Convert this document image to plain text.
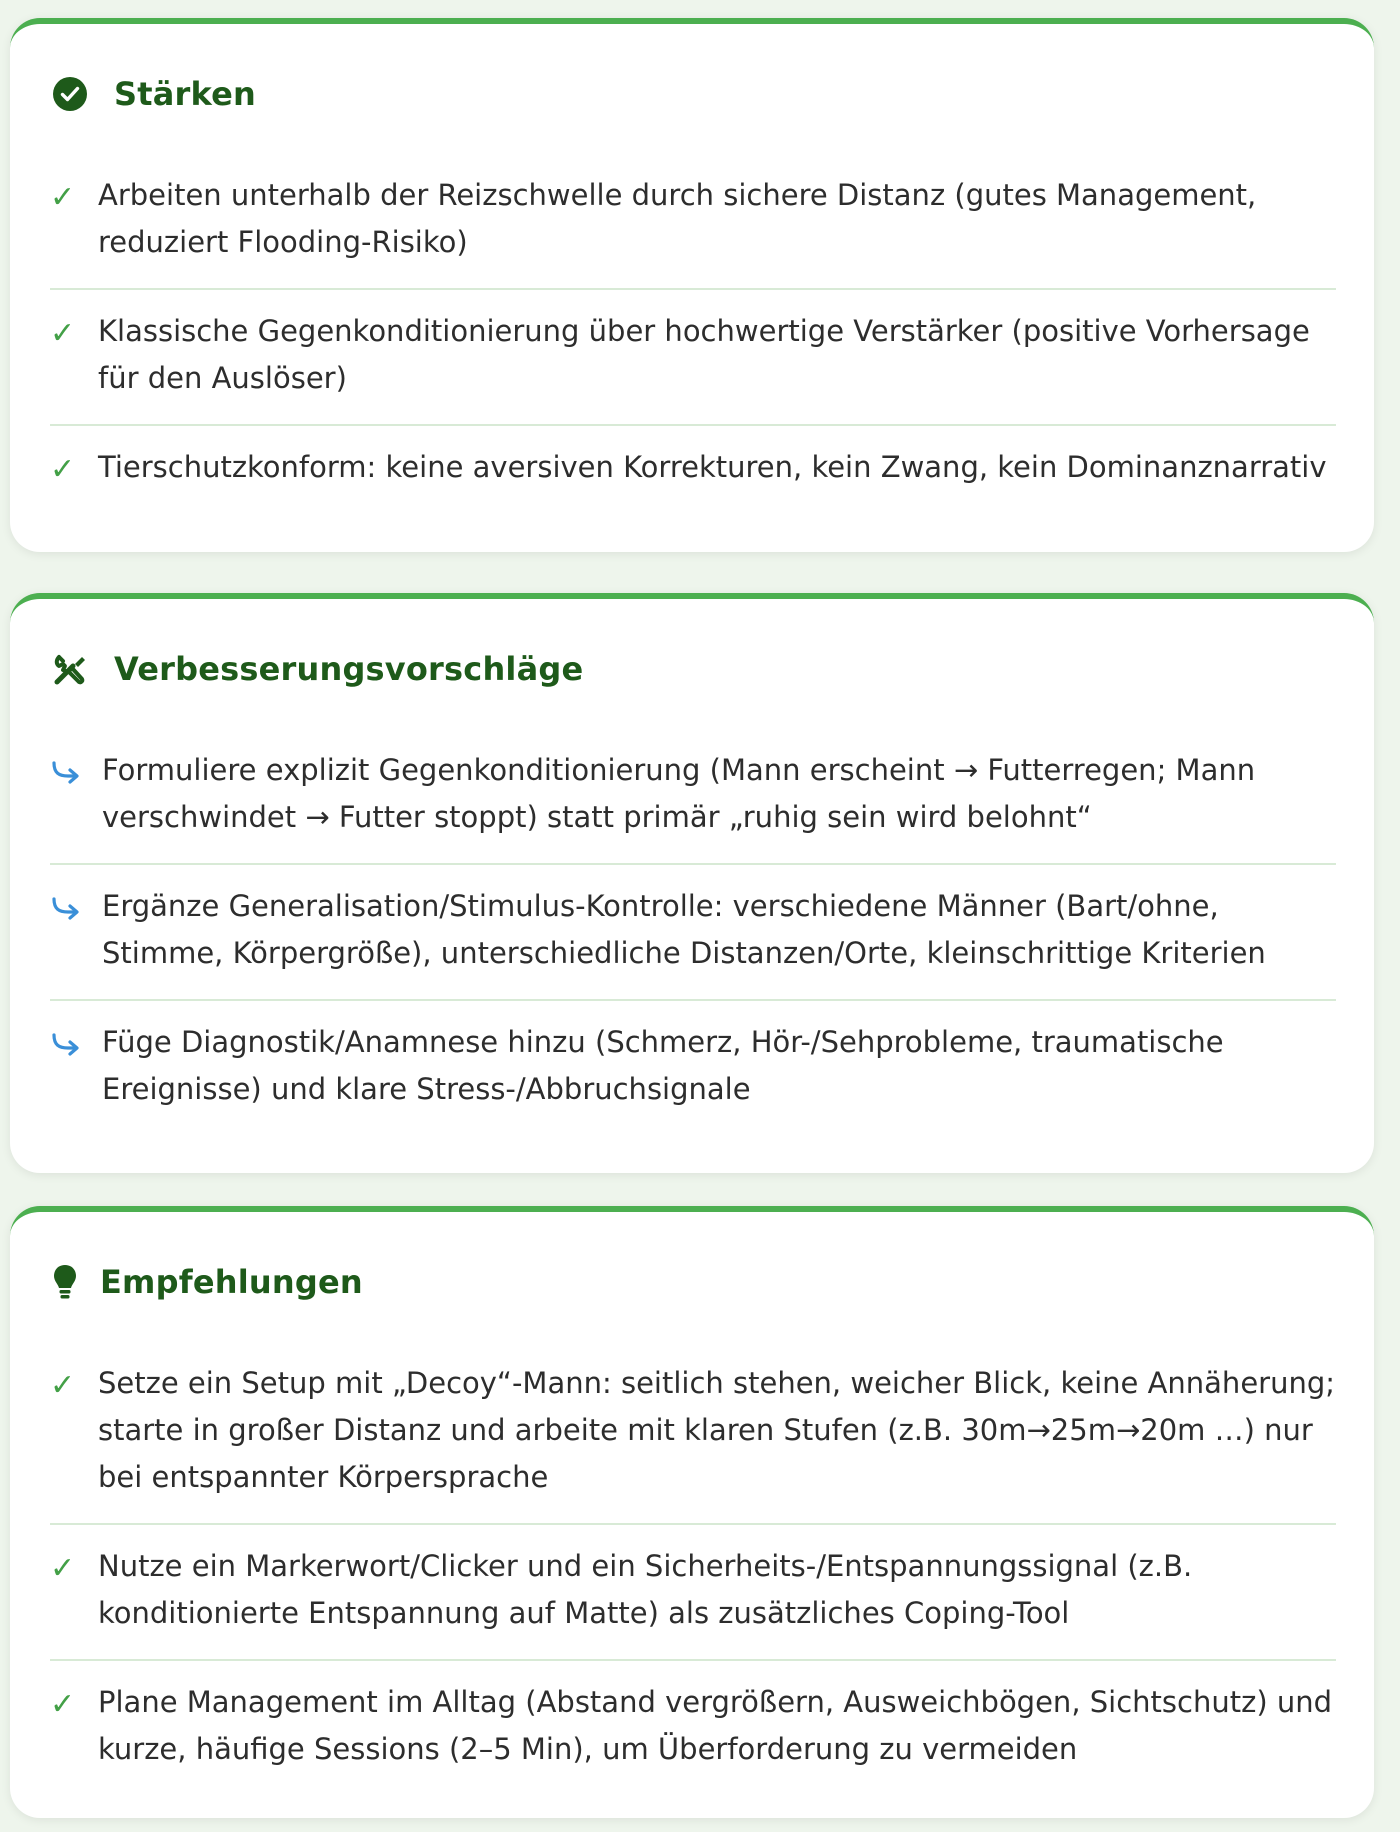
Stärken
✓ Arbeiten unterhalb der Reizschwelle durch sichere Distanz (gutes Management, reduziert Flooding-Risiko)
✓ Klassische Gegenkonditionierung über hochwertige Verstärker (positive Vorhersage für den Auslöser)
✓ Tierschutzkonform: keine aversiven Korrekturen, kein Zwang, kein Dominanznarrativ
Verbesserungsvorschläge
Formuliere explizit Gegenkonditionierung (Mann erscheint → Futterregen; Mann verschwindet → Futter stoppt) statt primär „ruhig sein wird belohnt“
Ergänze Generalisation/Stimulus-Kontrolle: verschiedene Männer (Bart/ohne, Stimme, Körpergröße), unterschiedliche Distanzen/Orte, kleinschrittige Kriterien
Füge Diagnostik/Anamnese hinzu (Schmerz, Hör-/Sehprobleme, traumatische Ereignisse) und klare Stress-/Abbruchsignale
Empfehlungen
✓ Setze ein Setup mit „Decoy“-Mann: seitlich stehen, weicher Blick, keine Annäherung; starte in großer Distanz und arbeite mit klaren Stufen (z.B. 30m→25m→20m …) nur bei entspannter Körpersprache
✓ Nutze ein Markerwort/Clicker und ein Sicherheits-/Entspannungssignal (z.B. konditionierte Entspannung auf Matte) als zusätzliches Coping-Tool
✓ Plane Management im Alltag (Abstand vergrößern, Ausweichbögen, Sichtschutz) und kurze, häufige Sessions (2–5 Min), um Überforderung zu vermeiden
